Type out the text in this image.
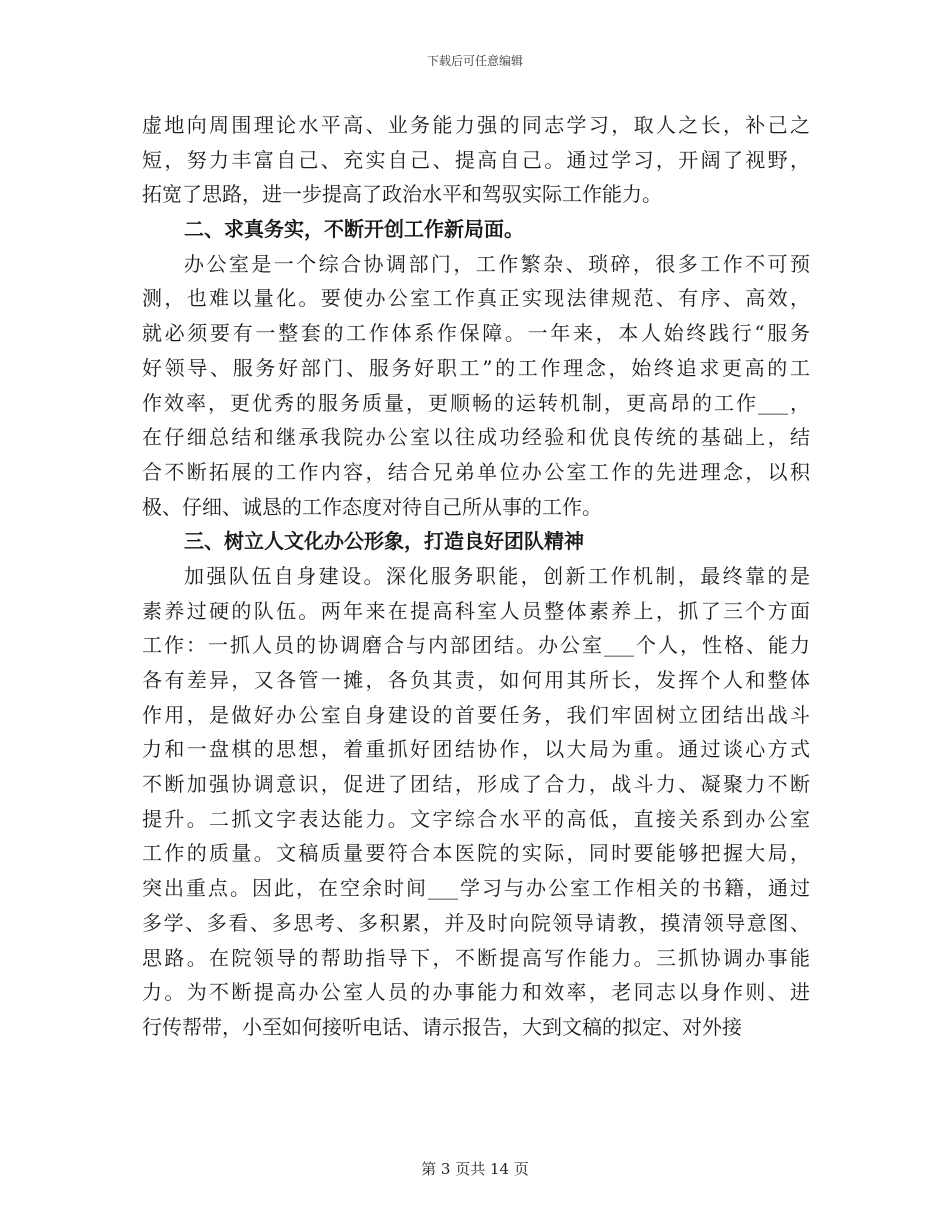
下载后可任意编辑
虚地向周围理论水平高、业务能力强的同志学习，取人之长，补己之
短，努力丰富自己、充实自己、提高自己。通过学习，开阔了视野，
拓宽了思路，进一步提高了政治水平和驾驭实际工作能力。
二、求真务实，不断开创工作新局面。
办公室是一个综合协调部门，工作繁杂、琐碎，很多工作不可预
测，也难以量化。要使办公室工作真正实现法律规范、有序、高效，
就必须要有一整套的工作体系作保障。一年来，本人始终践行“服务
好领导、服务好部门、服务好职工”的工作理念，始终追求更高的工
作效率，更优秀的服务质量，更顺畅的运转机制，更高昂的工作___，
在仔细总结和继承我院办公室以往成功经验和优良传统的基础上，结
合不断拓展的工作内容，结合兄弟单位办公室工作的先进理念，以积
极、仔细、诚恳的工作态度对待自己所从事的工作。
三、树立人文化办公形象，打造良好团队精神
加强队伍自身建设。深化服务职能，创新工作机制，最终靠的是
素养过硬的队伍。两年来在提高科室人员整体素养上，抓了三个方面
工作：一抓人员的协调磨合与内部团结。办公室___个人，性格、能力
各有差异，又各管一摊，各负其责，如何用其所长，发挥个人和整体
作用，是做好办公室自身建设的首要任务，我们牢固树立团结出战斗
力和一盘棋的思想，着重抓好团结协作，以大局为重。通过谈心方式
不断加强协调意识，促进了团结，形成了合力，战斗力、凝聚力不断
提升。二抓文字表达能力。文字综合水平的高低，直接关系到办公室
工作的质量。文稿质量要符合本医院的实际，同时要能够把握大局，
突出重点。因此，在空余时间___学习与办公室工作相关的书籍，通过
多学、多看、多思考、多积累，并及时向院领导请教，摸清领导意图、
思路。在院领导的帮助指导下，不断提高写作能力。三抓协调办事能
力。为不断提高办公室人员的办事能力和效率，老同志以身作则、进
行传帮带，小至如何接听电话、请示报告，大到文稿的拟定、对外接
第 3 页共 14 页
